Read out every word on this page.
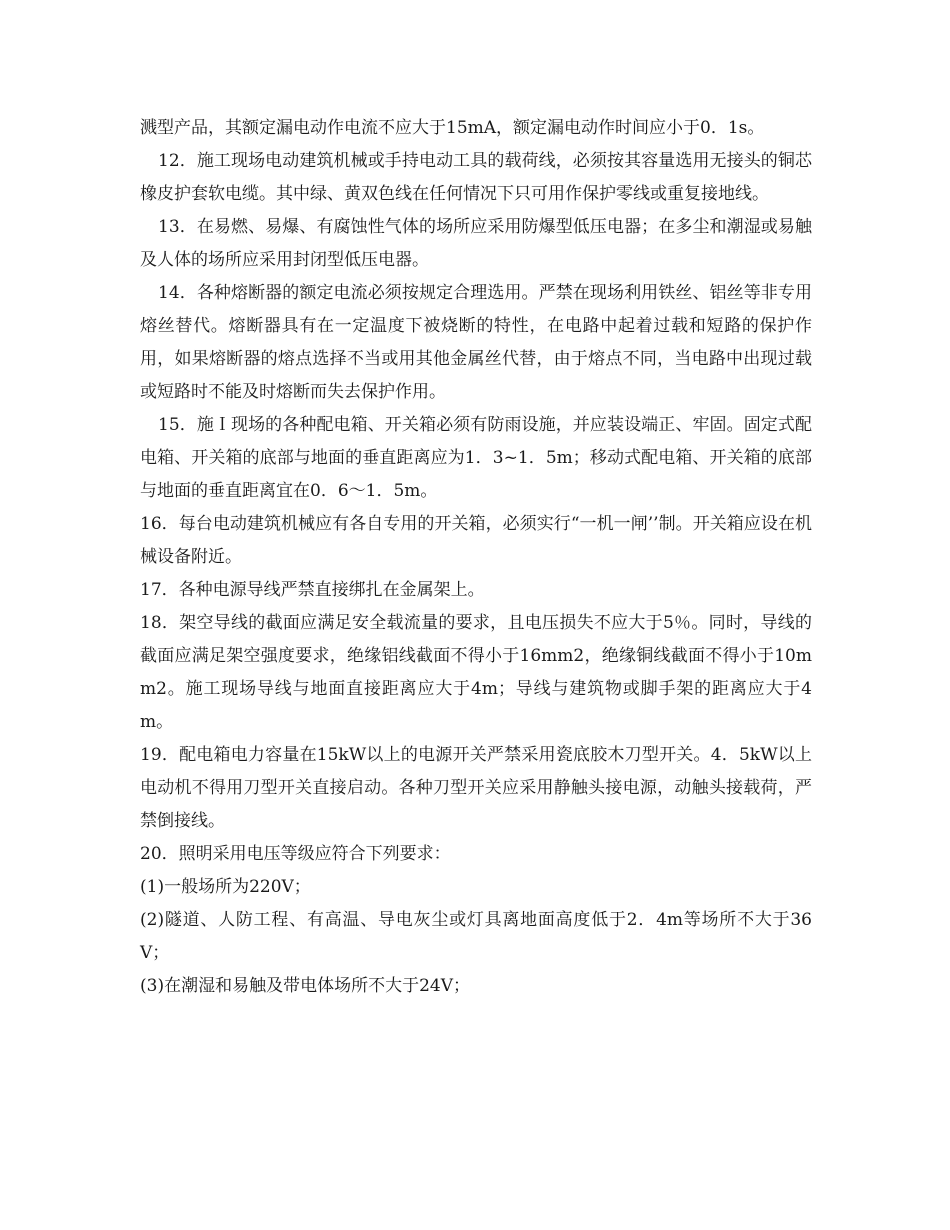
溅型产品，其额定漏电动作电流不应大于15mA，额定漏电动作时间应小于0．1s。

12．施工现场电动建筑机械或手持电动工具的载荷线，必须按其容量选用无接头的铜芯橡皮护套软电缆。其中绿、黄双色线在任何情况下只可用作保护零线或重复接地线。

13．在易燃、易爆、有腐蚀性气体的场所应采用防爆型低压电器；在多尘和潮湿或易触及人体的场所应采用封闭型低压电器。

14．各种熔断器的额定电流必须按规定合理选用。严禁在现场利用铁丝、铝丝等非专用熔丝替代。熔断器具有在一定温度下被烧断的特性，在电路中起着过载和短路的保护作用，如果熔断器的熔点选择不当或用其他金属丝代替，由于熔点不同，当电路中出现过载或短路时不能及时熔断而失去保护作用。

15．施Ｉ现场的各种配电箱、开关箱必须有防雨设施，并应装设端正、牢固。固定式配电箱、开关箱的底部与地面的垂直距离应为1．3~1．5m；移动式配电箱、开关箱的底部与地面的垂直距离宜在0．6～1．5m。

16．每台电动建筑机械应有各自专用的开关箱，必须实行“一机一闸’’制。开关箱应设在机械设备附近。

17．各种电源导线严禁直接绑扎在金属架上。

18．架空导线的截面应满足安全载流量的要求，且电压损失不应大于5％。同时，导线的截面应满足架空强度要求，绝缘铝线截面不得小于16mm2，绝缘铜线截面不得小于10mm2。施工现场导线与地面直接距离应大于4m；导线与建筑物或脚手架的距离应大于4m。

19．配电箱电力容量在15kW以上的电源开关严禁采用瓷底胶木刀型开关。4．5kW以上电动机不得用刀型开关直接启动。各种刀型开关应采用静触头接电源，动触头接载荷，严禁倒接线。

20．照明采用电压等级应符合下列要求：

(1)一般场所为220V；

(2)隧道、人防工程、有高温、导电灰尘或灯具离地面高度低于2．4m等场所不大于36V；

(3)在潮湿和易触及带电体场所不大于24V；
